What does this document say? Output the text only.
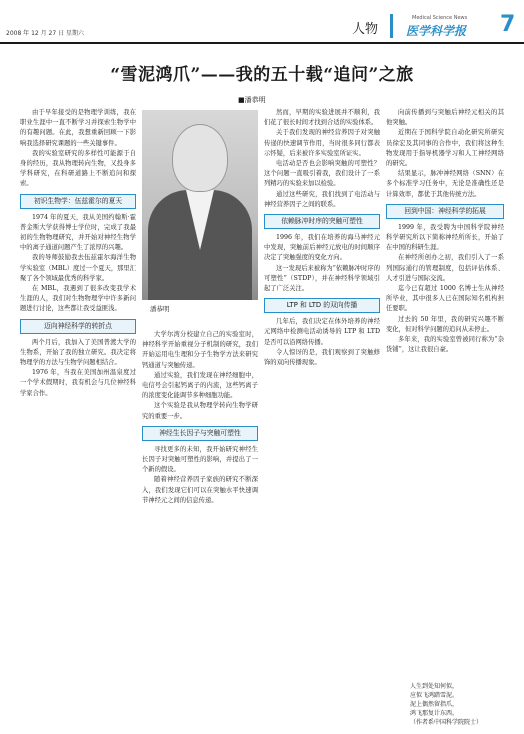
2008 年 12 月 27 日 星期六	人物
Medical Science News
医学科学报 7
“雪泥鸿爪”——我的五十载“追问”之旅
■潘恭明

由于早年接受的是物理学训练，我在职业生涯中一直不断学习并探索生物学中的有趣问题。在此，我想重新回顾一下影响我选择研究课题的一些关键事件。

我的实验室研究的多样性可能源于自身的经历，我从物理转向生物，又投身多学科研究，在科研道路上不断追问和探索。

初识生物学：伍兹霍尔的夏天

1974 年的夏天，我从美国约翰斯·霍普金斯大学获得博士学位时，完成了我最初的生物物理研究，并开始对神经生物学中的离子通道问题产生了浓厚的兴趣。

我的导师鼓励我去伍兹霍尔海洋生物学实验室（MBL）度过一个夏天，那里汇聚了各个领域最优秀的科学家。

在 MBL，我遇到了很多改变我学术生涯的人，我们对生物物理学中许多新问题进行讨论，这些都让我受益匪浅。

迈向神经科学的转折点

两个月后，我加入了美国普渡大学的生物系，开始了我的独立研究。我决定将物理学的方法与生物学问题相结合。

1976 年，当我在美国加州温泉度过一个学术假期时，我有机会与几位神经科学家合作。

潘恭明

大学尔湾分校建立自己的实验室时，神经科学开始重视分子机制的研究，我们开始运用电生理和分子生物学方法来研究钙通道与突触传递。

通过实验，我们发现在神经细胞中，电信号会引起钙离子的内流，这些钙离子的浓度变化能调节多种细胞功能。

这个实验是我从物理学转向生物学研究的重要一步。

神经生长因子与突触可塑性

寻找更多的未知，我开始研究神经生长因子对突触可塑性的影响，并提出了一个新的假设。

随着神经营养因子家族的研究不断深入，我们发现它们可以在突触水平快速调节神经元之间的信息传递。

然而，早期的实验进展并不顺利，我们花了很长时间才找到合适的实验体系。

关于我们发现的神经营养因子对突触传递的快速调节作用，当时很多同行都表示怀疑，后来被许多实验室所证实。

电活动是否也会影响突触的可塑性？这个问题一直吸引着我，我们设计了一系列精巧的实验来加以检验。

通过这些研究，我们找到了电活动与神经营养因子之间的联系。

依赖脉冲时序的突触可塑性

1996 年，我们在培养的海马神经元中发现，突触前后神经元放电的时间顺序决定了突触强度的变化方向。

这一发现后来被称为“依赖脉冲时序的可塑性”（STDP），并在神经科学领域引起了广泛关注。

LTP 和 LTD 的双向传播

几年后，我们决定在体外培养的神经元网络中检测电活动诱导的 LTP 和 LTD 是否可以沿网络传播。

令人惊讶的是，我们观察到了突触修饰的双向传播现象。

向前传播到与突触后神经元相关的其他突触。

近期在于国科学院自动化研究所研究员徐宏及其同事的合作中，我们将这种生物发现用于指导机器学习和人工神经网络的研究。

结果显示，脉冲神经网络（SNN）在多个标准学习任务中，无论是准确性还是计算效率，都优于其他传统方法。

回到中国：神经科学的拓展

1999 年，我受聘为中国科学院神经科学研究所以下简称神经所所长，开始了在中国的科研生涯。

在神经所创办之初，我们引入了一系列国际通行的管理制度，包括评估体系、人才引进与国际交流。

迄今已有超过 1000 名博士生从神经所毕业，其中很多人已在国际知名机构担任要职。

过去的 50 年里，我的研究兴趣不断变化，但对科学问题的追问从未停止。

多年来，我的实验室曾被同行称为“杂货铺”，这让我很自豪。

人生到处知何似，
应似飞鸿踏雪泥。
泥上偶然留指爪，
鸿飞那复计东西。
（作者系中国科学院院士）
